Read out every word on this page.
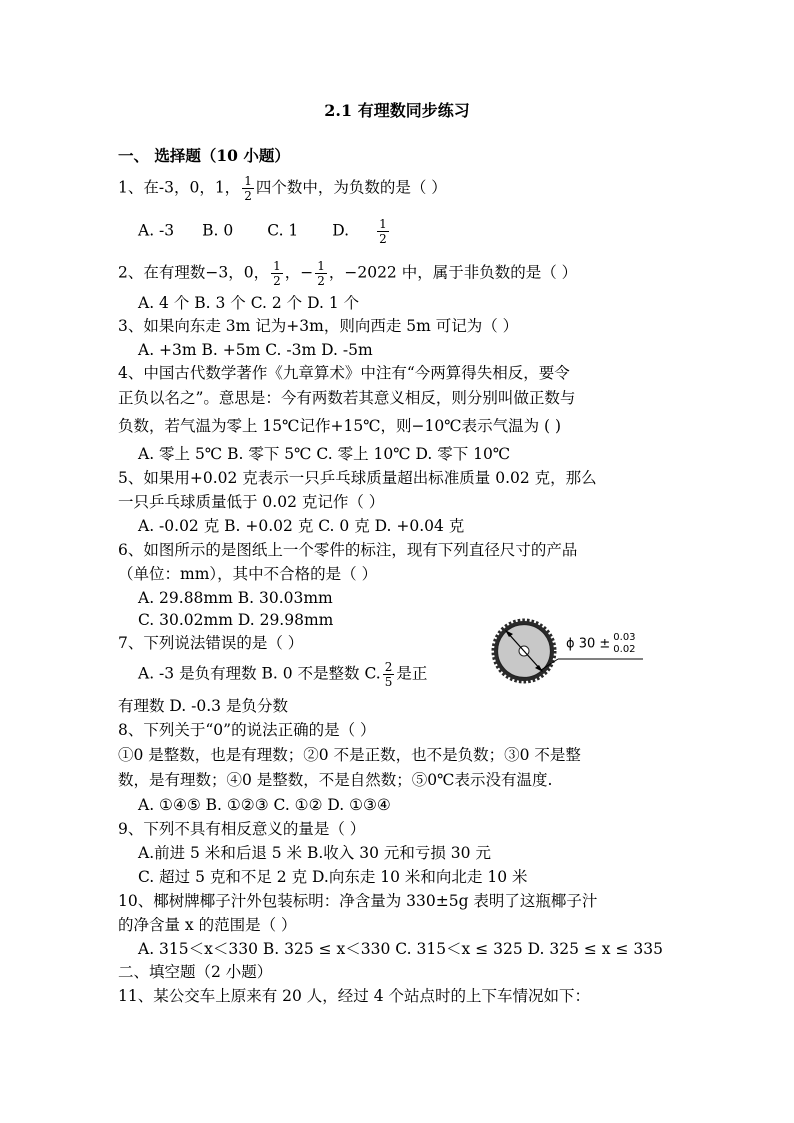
2.1 有理数同步练习
一、 选择题（10 小题）
1、在-3，0，1， $\frac{1}{2}$ 四个数中，为负数的是（ ）
A. -3 B. 0 C. 1 D. $\frac{1}{2}$
2、在有理数−3，0， $\frac{1}{2}$ ，− $\frac{1}{2}$ ，−2022 中，属于非负数的是（ ）
A. 4 个 B. 3 个 C. 2 个 D. 1 个
3、如果向东走 3m 记为+3m，则向西走 5m 可记为（ ）
A. +3m B. +5m C. -3m D. -5m
4、中国古代数学著作《九章算术》中注有“今两算得失相反，要令
正负以名之”。意思是：今有两数若其意义相反，则分别叫做正数与
负数，若气温为零上 15℃记作+15℃，则−10℃表示气温为 ( )
A. 零上 5℃ B. 零下 5℃ C. 零上 10℃ D. 零下 10℃
5、如果用+0.02 克表示一只乒乓球质量超出标准质量 0.02 克，那么
一只乒乓球质量低于 0.02 克记作（ ）
A. -0.02 克 B. +0.02 克 C. 0 克 D. +0.04 克
6、如图所示的是图纸上一个零件的标注，现有下列直径尺寸的产品
（单位：mm），其中不合格的是（ ）
A. 29.88mm B. 30.03mm
C. 30.02mm D. 29.98mm
ϕ 30 ± 0.03
0.02
7、下列说法错误的是（ ）
A. -3 是负有理数 B. 0 不是整数 C. $\frac{2}{5}$ 是正
有理数 D. -0.3 是负分数
8、下列关于“0”的说法正确的是（ ）
①0 是整数，也是有理数；②0 不是正数，也不是负数；③0 不是整
数，是有理数；④0 是整数，不是自然数；⑤0℃表示没有温度.
A. ①④⑤ B. ①②③ C. ①② D. ①③④
9、下列不具有相反意义的量是（ ）
A.前进 5 米和后退 5 米 B.收入 30 元和亏损 30 元
C. 超过 5 克和不足 2 克 D.向东走 10 米和向北走 10 米
10、椰树牌椰子汁外包装标明：净含量为 330±5g 表明了这瓶椰子汁
的净含量 x 的范围是（ ）
A. 315＜x＜330 B. 325 ≤ x＜330 C. 315＜x ≤ 325 D. 325 ≤ x ≤ 335
二、填空题（2 小题）
11、某公交车上原来有 20 人，经过 4 个站点时的上下车情况如下：
